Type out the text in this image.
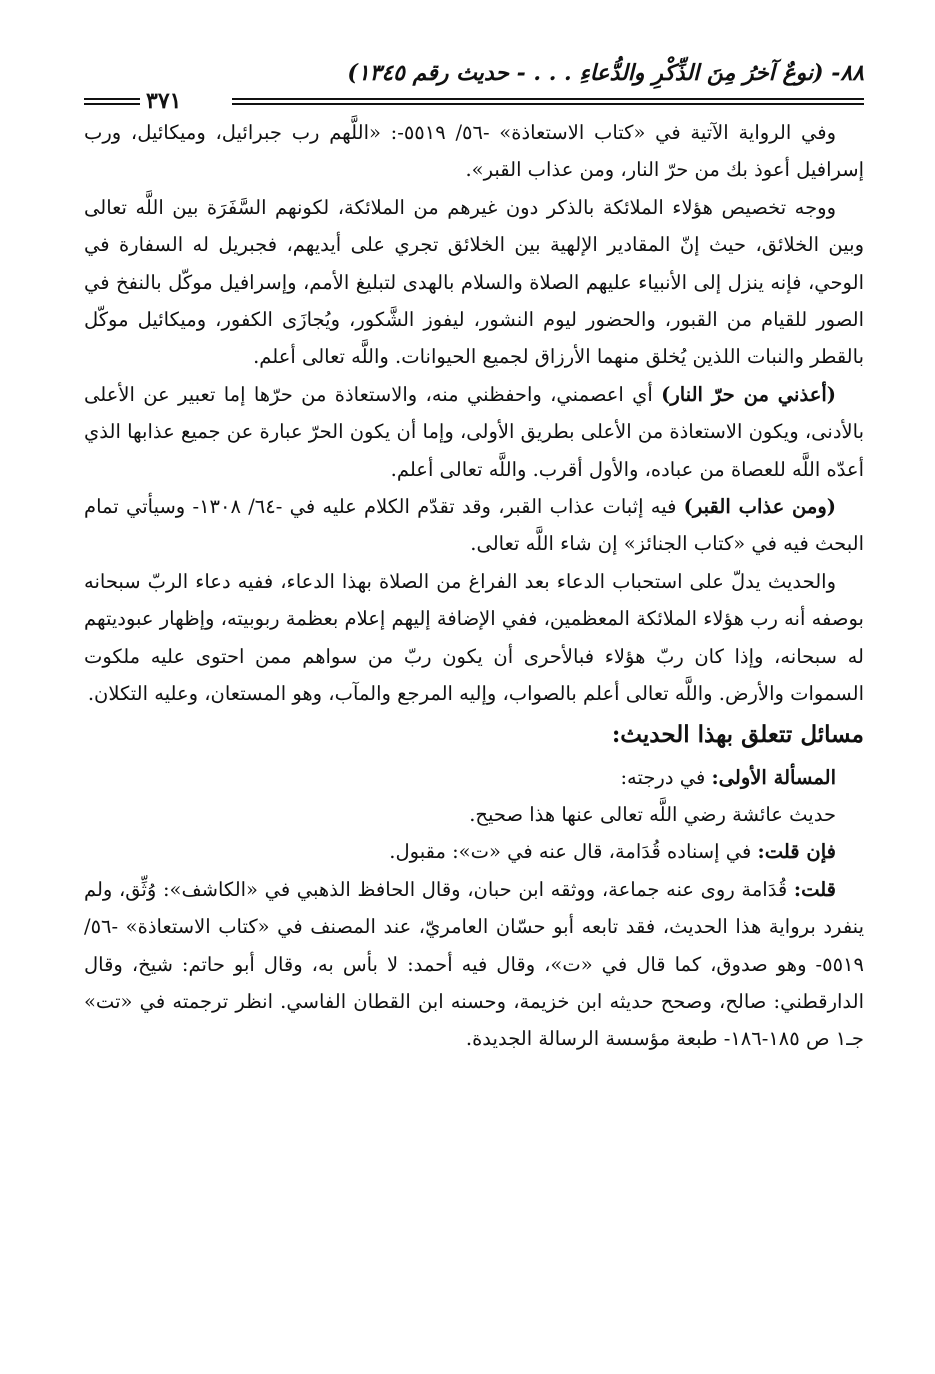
٨٨- (نوعٌ آخرُ مِنَ الذِّكْرِ والدُّعاءِ . . . - حديث رقم ١٣٤٥)
٣٧١

وفي الرواية الآتية في «كتاب الاستعاذة» -٥٦/ ٥٥١٩-: «اللَّهم رب جبرائيل، وميكائيل، ورب إسرافيل أعوذ بك من حرّ النار، ومن عذاب القبر».

ووجه تخصيص هؤلاء الملائكة بالذكر دون غيرهم من الملائكة، لكونهم السَّفَرَة بين اللَّه تعالى وبين الخلائق، حيث إنّ المقادير الإلهية بين الخلائق تجري على أيديهم، فجبريل له السفارة في الوحي، فإنه ينزل إلى الأنبياء عليهم الصلاة والسلام بالهدى لتبليغ الأمم، وإسرافيل موكّل بالنفخ في الصور للقيام من القبور، والحضور ليوم النشور، ليفوز الشَّكور، ويُجازَى الكفور، وميكائيل موكّل بالقطر والنبات اللذين يُخلق منهما الأرزاق لجميع الحيوانات. واللَّه تعالى أعلم.

(أعذني من حرّ النار) أي اعصمني، واحفظني منه، والاستعاذة من حرّها إما تعبير عن الأعلى بالأدنى، ويكون الاستعاذة من الأعلى بطريق الأولى، وإما أن يكون الحرّ عبارة عن جميع عذابها الذي أعدّه اللَّه للعصاة من عباده، والأول أقرب. واللَّه تعالى أعلم.

(ومن عذاب القبر) فيه إثبات عذاب القبر، وقد تقدّم الكلام عليه في -٦٤/ ١٣٠٨- وسيأتي تمام البحث فيه في «كتاب الجنائز» إن شاء اللَّه تعالى.

والحديث يدلّ على استحباب الدعاء بعد الفراغ من الصلاة بهذا الدعاء، ففيه دعاء الربّ سبحانه بوصفه أنه رب هؤلاء الملائكة المعظمين، ففي الإضافة إليهم إعلام بعظمة ربوبيته، وإظهار عبوديتهم له سبحانه، وإذا كان ربّ هؤلاء فبالأحرى أن يكون ربّ من سواهم ممن احتوى عليه ملكوت السموات والأرض. واللَّه تعالى أعلم بالصواب، وإليه المرجع والمآب، وهو المستعان، وعليه التكلان.

مسائل تتعلق بهذا الحديث:

المسألة الأولى: في درجته:

حديث عائشة رضي اللَّه تعالى عنها هذا صحيح.

فإن قلت: في إسناده قُدَامة، قال عنه في «ت»: مقبول.

قلت: قُدَامة روى عنه جماعة، ووثقه ابن حبان، وقال الحافظ الذهبي في «الكاشف»: وُثِّق، ولم ينفرد برواية هذا الحديث، فقد تابعه أبو حسّان العامريّ، عند المصنف في «كتاب الاستعاذة» -٥٦/ ٥٥١٩- وهو صدوق، كما قال في «ت»، وقال فيه أحمد: لا بأس به، وقال أبو حاتم: شيخ، وقال الدارقطني: صالح، وصحح حديثه ابن خزيمة، وحسنه ابن القطان الفاسي. انظر ترجمته في «تت» جـ١ ص ١٨٥-١٨٦- طبعة مؤسسة الرسالة الجديدة.
